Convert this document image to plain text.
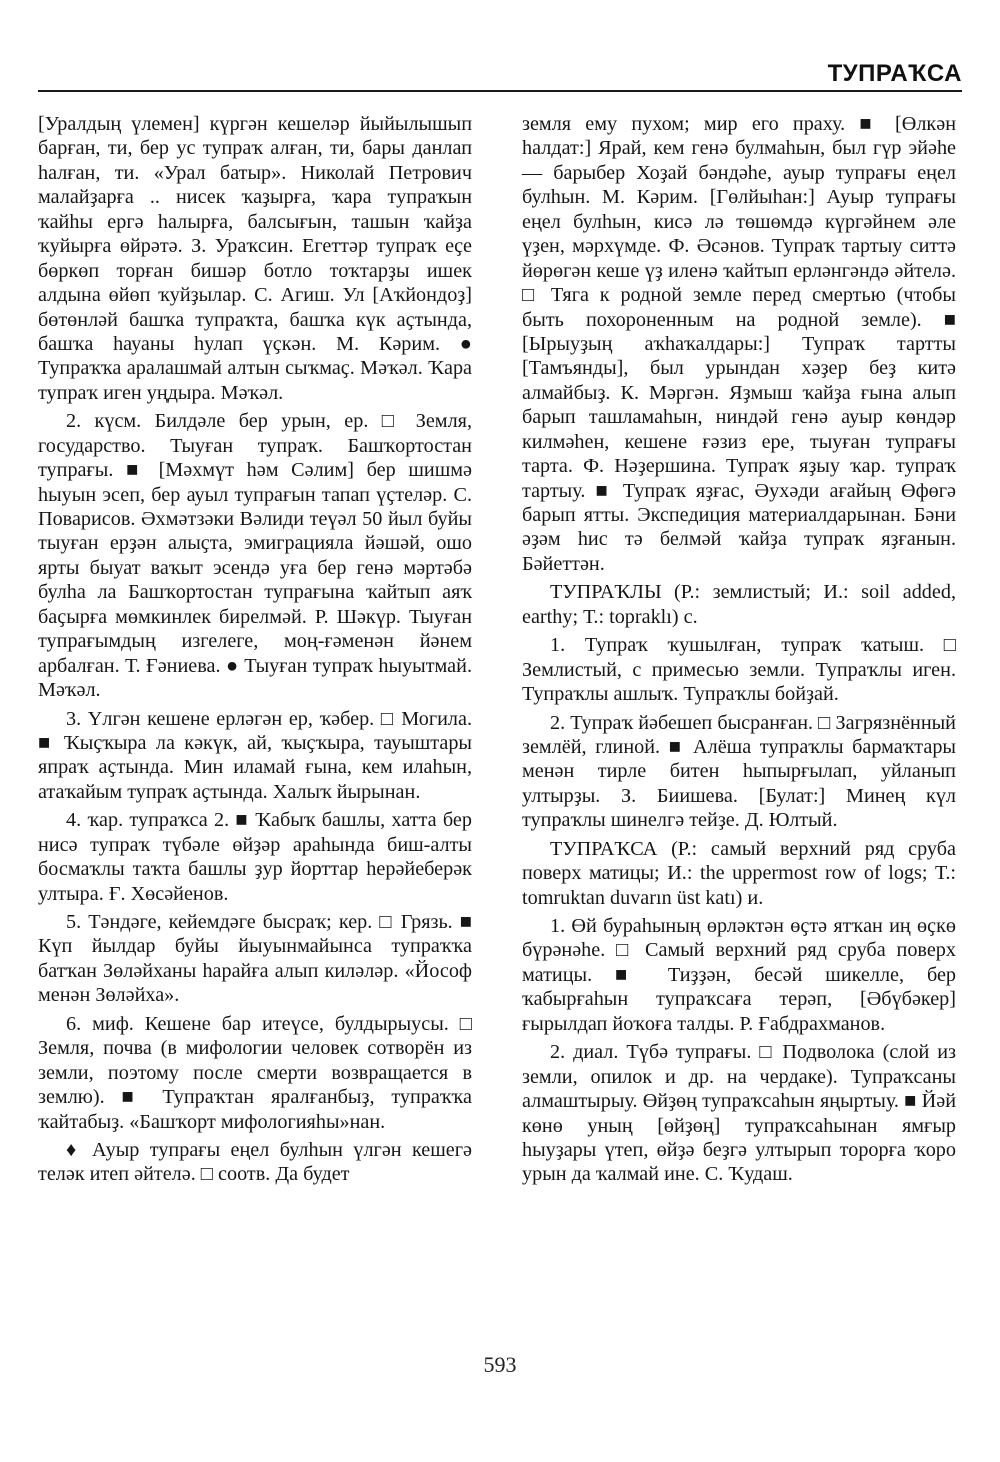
ТУПРАҠСА

[Уралдың үлемен] күргән кешеләр йыйылышып барған, ти, бер ус тупраҡ алған, ти, бары данлап һалған, ти. «Урал батыр». Николай Петрович малайҙарға .. нисек ҡаҙырға, ҡара тупраҡын ҡайһы ергә һалырға, балсығын, ташын ҡайҙа ҡуйырға өйрәтә. З. Ураҡсин. Егеттәр тупраҡ еҫе бөркөп торған бишәр ботло тоҡтарҙы ишек алдына өйөп ҡуйҙылар. С. Агиш. Ул [Аҡйондоҙ] бөтөнләй башҡа тупраҡта, башҡа күк аҫтында, башҡа һауаны һулап үҫкән. М. Кәрим. ● Тупраҡҡа аралашмай алтын сыҡмаҫ. Мәҡәл. Ҡара тупраҡ иген уңдыра. Мәҡәл.

2. күсм. Билдәле бер урын, ер. □ Земля, государство. Тыуған тупраҡ. Башҡортостан тупрағы. ■ [Мәхмүт һәм Сәлим] бер шишмә һыуын эсеп, бер ауыл тупрағын тапап үҫтеләр. С. Поварисов. Әхмәтзәки Вәлиди теүәл 50 йыл буйы тыуған ерҙән алыҫта, эмиграцияла йәшәй, ошо ярты быуат ваҡыт эсендә уға бер генә мәртәбә булһа ла Башҡортостан тупрағына ҡайтып аяҡ баҫырға мөмкинлек бирелмәй. Р. Шәкүр. Тыуған тупрағымдың изгелеге, моң-ғәменән йәнем арбалған. Т. Ғәниева. ● Тыуған тупраҡ һыуытмай. Мәҡәл.

3. Үлгән кешене ерләгән ер, ҡәбер. □ Могила. ■ Ҡыҫҡыра ла кәкүк, ай, ҡыҫҡыра, тауыштары япраҡ аҫтында. Мин иламай ғына, кем илаһын, атаҡайым тупраҡ аҫтында. Халыҡ йырынан.

4. ҡар. тупраҡса 2. ■ Ҡабыҡ башлы, хатта бер нисә тупраҡ түбәле өйҙәр араһында биш-алты босмаҡлы таҡта башлы ҙур йорттар һерәйеберәк ултыра. Ғ. Хөсәйенов.

5. Тәндәге, кейемдәге бысраҡ; кер. □ Грязь. ■ Күп йылдар буйы йыуынмайынса тупраҡҡа батҡан Зөләйханы һарайға алып киләләр. «Йософ менән Зөләйха».

6. миф. Кешене бар итеүсе, булдырыусы. □ Земля, почва (в мифологии человек сотворён из земли, поэтому после смерти возвращается в землю). ■ Тупраҡтан яралғанбыҙ, тупраҡҡа ҡайтабыҙ. «Башҡорт мифологияһы»нан.

♦ Ауыр тупрағы еңел булһын үлгән кешегә теләк итеп әйтелә. □ соотв. Да будет

земля ему пухом; мир его праху. ■ [Өлкән һалдат:] Ярай, кем генә булмаһын, был гүр эйәһе — барыбер Хоҙай бәндәһе, ауыр тупрағы еңел булһын. М. Кәрим. [Гөлйыһан:] Ауыр тупрағы еңел булһын, кисә лә төшөмдә күргәйнем әле үҙен, мәрхүмде. Ф. Әсәнов. Тупраҡ тартыу ситтә йөрөгән кеше үҙ иленә ҡайтып ерләнгәндә әйтелә. □ Тяга к родной земле перед смертью (чтобы быть похороненным на родной земле). ■ [Ырыуҙың аҡһаҡалдары:] Тупраҡ тартты [Тамъянды], был урындан хәҙер беҙ китә алмайбыҙ. К. Мәргән. Яҙмыш ҡайҙа ғына алып барып ташламаһын, ниндәй генә ауыр көндәр килмәһен, кешене ғәзиз ере, тыуған тупрағы тарта. Ф. Нәҙершина. Тупраҡ яҙыу ҡар. тупраҡ тартыу. ■ Тупраҡ яҙғас, Әухәди ағайың Өфөгә барып ятты. Экспедиция материалдарынан. Бәни әҙәм һис тә белмәй ҡайҙа тупраҡ яҙғанын. Бәйеттән.

ТУПРАҠЛЫ (Р.: землистый; И.: soil added, earthy; Т.: topraklı) с.

1. Тупраҡ ҡушылған, тупраҡ ҡатыш. □ Землистый, с примесью земли. Тупраҡлы иген. Тупраҡлы ашлыҡ. Тупраҡлы бойҙай.

2. Тупраҡ йәбешеп бысранған. □ Загрязнённый землёй, глиной. ■ Алёша тупраҡлы бармаҡтары менән тирле битен һыпырғылап, уйланып ултырҙы. З. Биишева. [Булат:] Минең күл тупраҡлы шинелгә тейҙе. Д. Юлтый.

ТУПРАҠСА (Р.: самый верхний ряд сруба поверх матицы; И.: the uppermost row of logs; Т.: tomruktan duvarın üst katı) и.

1. Өй бураһының өрләктән өҫтә ятҡан иң өҫкө бүрәнәһе. □ Самый верхний ряд сруба поверх матицы. ■ Тиҙҙән, бесәй шикелле, бер ҡабырғаһын тупраҡсаға терәп, [Әбүбәкер] ғырылдап йоҡоға талды. Р. Ғабдрахманов.

2. диал. Түбә тупрағы. □ Подволока (слой из земли, опилок и др. на чердаке). Тупраҡсаны алмаштырыу. Өйҙөң тупраҡсаһын яңыртыу. ■ Йәй көнө уның [өйҙөң] тупраҡсаһынан ямғыр һыуҙары үтеп, өйҙә беҙгә ултырып торорға ҡоро урын да ҡалмай ине. С. Ҡудаш.

593
